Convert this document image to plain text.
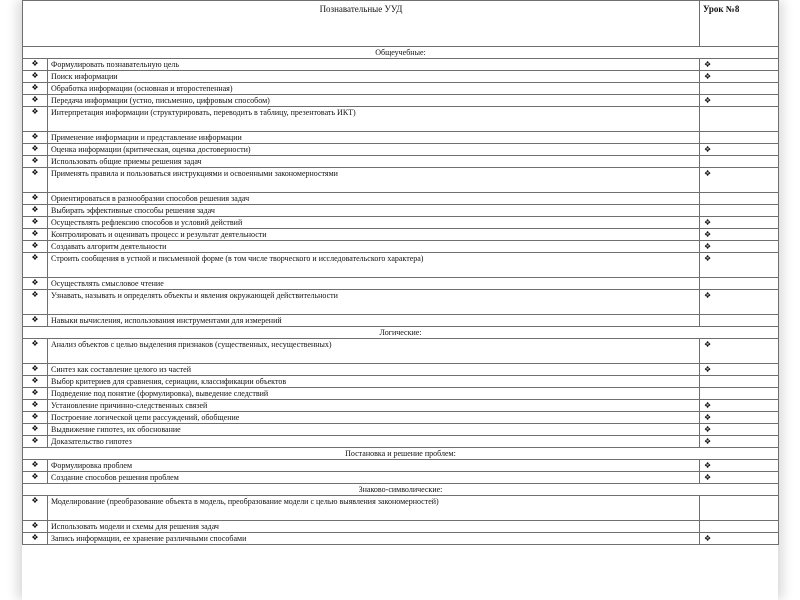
Познавательные УУД		Урок №8
Общеучебные:		
❖	Формулировать познавательную цель	❖
❖	Поиск информации	❖
❖	Обработка информации (основная и второстепенная)	
❖	Передача информации (устно, письменно, цифровым способом)	❖
❖	Интерпретация информации (структурировать, переводить в таблицу, презентовать ИКТ)	
❖	Применение информации и представление информации	
❖	Оценка информации (критическая, оценка достоверности)	❖
❖	Использовать общие приемы решения задач	
❖	Применять правила и пользоваться инструкциями и освоенными закономерностями	❖
❖	Ориентироваться в разнообразии способов решения задач	
❖	Выбирать эффективные способы решения задач	
❖	Осуществлять рефлексию способов и условий действий	❖
❖	Контролировать и оценивать процесс и результат деятельности	❖
❖	Создавать алгоритм деятельности	❖
❖	Строить сообщения в устной и письменной форме (в том числе творческого и исследовательского характера)	❖
❖	Осуществлять смысловое чтение	
❖	Узнавать, называть и определять объекты и явления окружающей действительности	❖
❖	Навыки вычисления, использования инструментами для измерений	
Логические:		
❖	Анализ объектов с целью выделения признаков (существенных, несущественных)	❖
❖	Синтез как составление целого из частей	❖
❖	Выбор критериев для сравнения, сериации, классификации объектов	
❖	Подведение под понятие (формулировка), выведение следствий	
❖	Установление причинно-следственных связей	❖
❖	Построение логической цепи рассуждений, обобщение	❖
❖	Выдвижение гипотез, их обоснование	❖
❖	Доказательство гипотез	❖
Постановка и решение проблем:		
❖	Формулировка проблем	❖
❖	Создание способов решения проблем	❖
Знаково-символические:		
❖	Моделирование (преобразование объекта в модель, преобразование модели с целью выявления закономерностей)	
❖	Использовать модели и схемы для решения задач	
❖	Запись информации, ее хранение различными способами	❖
